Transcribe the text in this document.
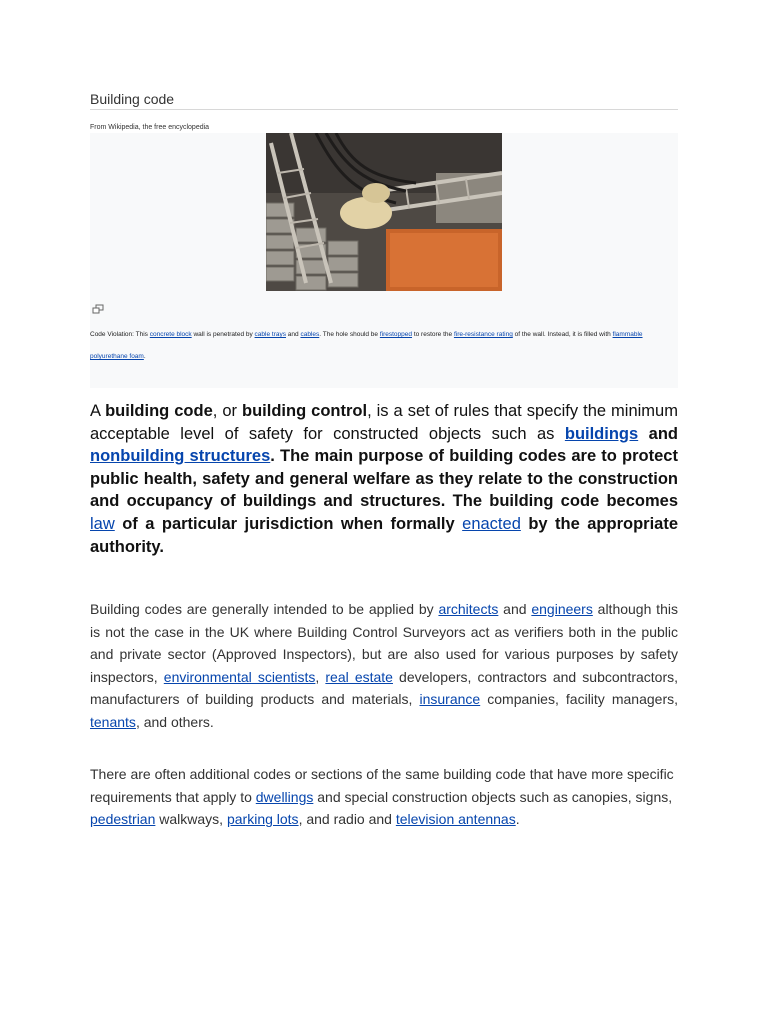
Building code
From Wikipedia, the free encyclopedia
Code Violation: This concrete block wall is penetrated by cable trays and cables. The hole should be firestopped to restore the fire-resistance rating of the wall. Instead, it is filled with flammable polyurethane foam.
A building code, or building control, is a set of rules that specify the minimum acceptable level of safety for constructed objects such as buildings and nonbuilding structures. The main purpose of building codes are to protect public health, safety and general welfare as they relate to the construction and occupancy of buildings and structures. The building code becomes law of a particular jurisdiction when formally enacted by the appropriate authority.
Building codes are generally intended to be applied by architects and engineers although this is not the case in the UK where Building Control Surveyors act as verifiers both in the public and private sector (Approved Inspectors), but are also used for various purposes by safety inspectors, environmental scientists, real estate developers, contractors and subcontractors, manufacturers of building products and materials, insurance companies, facility managers, tenants, and others.
There are often additional codes or sections of the same building code that have more specific requirements that apply to dwellings and special construction objects such as canopies, signs, pedestrian walkways, parking lots, and radio and television antennas.
